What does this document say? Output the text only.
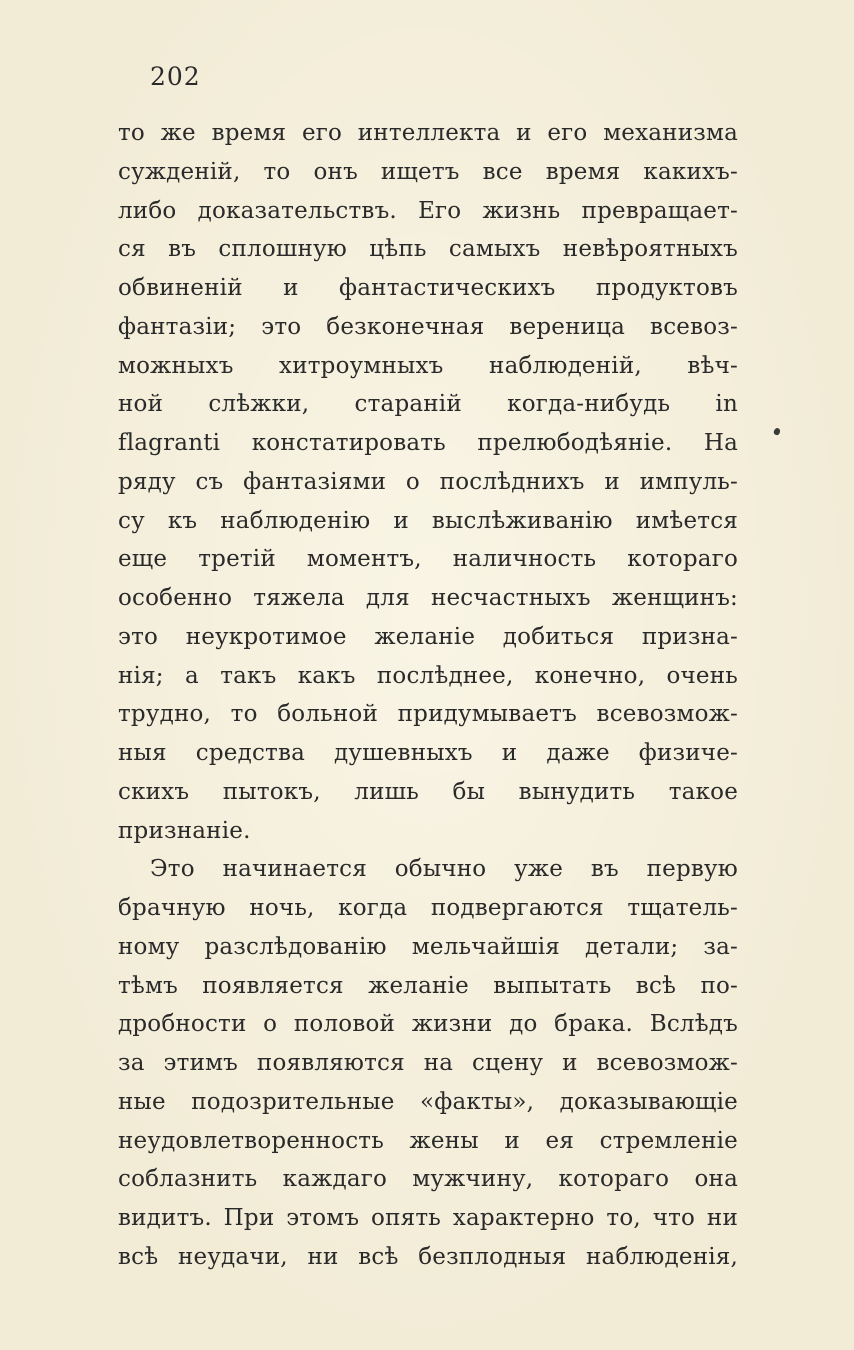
202
то же время его интеллекта и его механизма
сужденій, то онъ ищетъ все время какихъ-
либо доказательствъ. Его жизнь превращает-
ся въ сплошную цѣпь самыхъ невѣроятныхъ
обвиненій и фантастическихъ продуктовъ
фантазіи; это безконечная вереница всевоз-
можныхъ хитроумныхъ наблюденій, вѣч-
ной слѣжки, стараній когда-нибудь in
flagranti констатировать прелюбодѣяніе. На
ряду съ фантазіями о послѣднихъ и импуль-
су къ наблюденію и выслѣживанію имѣется
еще третій моментъ, наличность котораго
особенно тяжела для несчастныхъ женщинъ:
это неукротимое желаніе добиться призна-
нія; а такъ какъ послѣднее, конечно, очень
трудно, то больной придумываетъ всевозмож-
ныя средства душевныхъ и даже физиче-
скихъ пытокъ, лишь бы вынудить такое
признаніе.
Это начинается обычно уже въ первую
брачную ночь, когда подвергаются тщатель-
ному разслѣдованію мельчайшія детали; за-
тѣмъ появляется желаніе выпытать всѣ по-
дробности о половой жизни до брака. Вслѣдъ
за этимъ появляются на сцену и всевозмож-
ные подозрительные «факты», доказывающіе
неудовлетворенность жены и ея стремленіе
соблазнить каждаго мужчину, котораго она
видитъ. При этомъ опять характерно то, что ни
всѣ неудачи, ни всѣ безплодныя наблюденія,
